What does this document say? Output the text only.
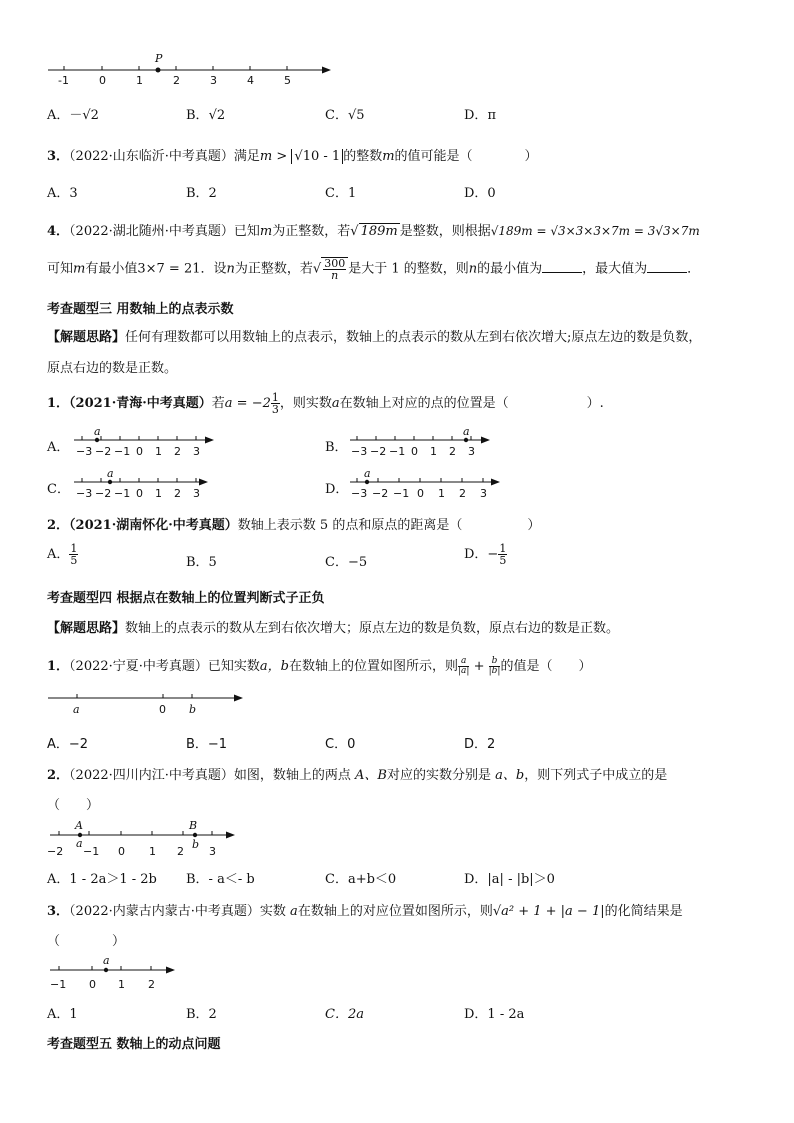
P
-1	0	1	2	3	4	5
A．－√2	B．√2	C．√5	D．π
3．（2022·山东临沂·中考真题）满足m > √10 - 1 的整数m的值可能是（　　　　）
A．3	B．2	C．1	D．0
4．（2022·湖北随州·中考真题）已知m为正整数，若√ 189m 是整数，则根据√189m = √3×3×3×7m = 3√3×7m
可知m有最小值3×7 = 21．设n为正整数，若√ $\frac{300}{n}$ 是大于 1 的整数，则n的最小值为	，最大值为	．
考查题型三 用数轴上的点表示数
【解题思路】任何有理数都可以用数轴上的点表示，数轴上的点表示的数从左到右依次增大;原点左边的数是负数，
原点右边的数是正数。
1．（2021·青海·中考真题）若$a = -2 \frac{1}{3}$ ，则实数a在数轴上对应的点的位置是（　　　　　　）.
A．	B．
C．	D．
a
−3 −2 −1 0 1 2 3
a
−3 −2 −1 0 1 2 3
a
−3 −2 −1 0 1 2 3
a
−3 −2 −1 0 1 2 3
2．（2021·湖南怀化·中考真题）数轴上表示数 5 的点和原点的距离是（　　　　　）
A． $\frac{1}{5}$	B．5	C．−5
D．− $\frac{1}{5}$
考查题型四 根据点在数轴上的位置判断式子正负
【解题思路】数轴上的点表示的数从左到右依次增大；原点左边的数是负数，原点右边的数是正数。
1．（2022·宁夏·中考真题）已知实数a，b在数轴上的位置如图所示，则 $\frac{a}{|a|} + \frac{b}{|b|}$ 的值是（　　）
a	0 b
A．−2	B．−1	C．0	D．2
2．（2022·四川内江·中考真题）如图，数轴上的两点 A、B对应的实数分别是 a、b，则下列式子中成立的是
（　　）
A
a
B
b
−2 −1 0 1 2 3
A．1 - 2a＞1 - 2b B．- a＜- b	C．a+b＜0	D．|a| - |b|＞0
3．（2022·内蒙古内蒙古·中考真题）实数 a在数轴上的对应位置如图所示，则√a² + 1 + |a − 1|的化简结果是
（　　　　）
a
−1 0 1 2
A．1	B．2	C．2a	D．1 - 2a
考查题型五 数轴上的动点问题
